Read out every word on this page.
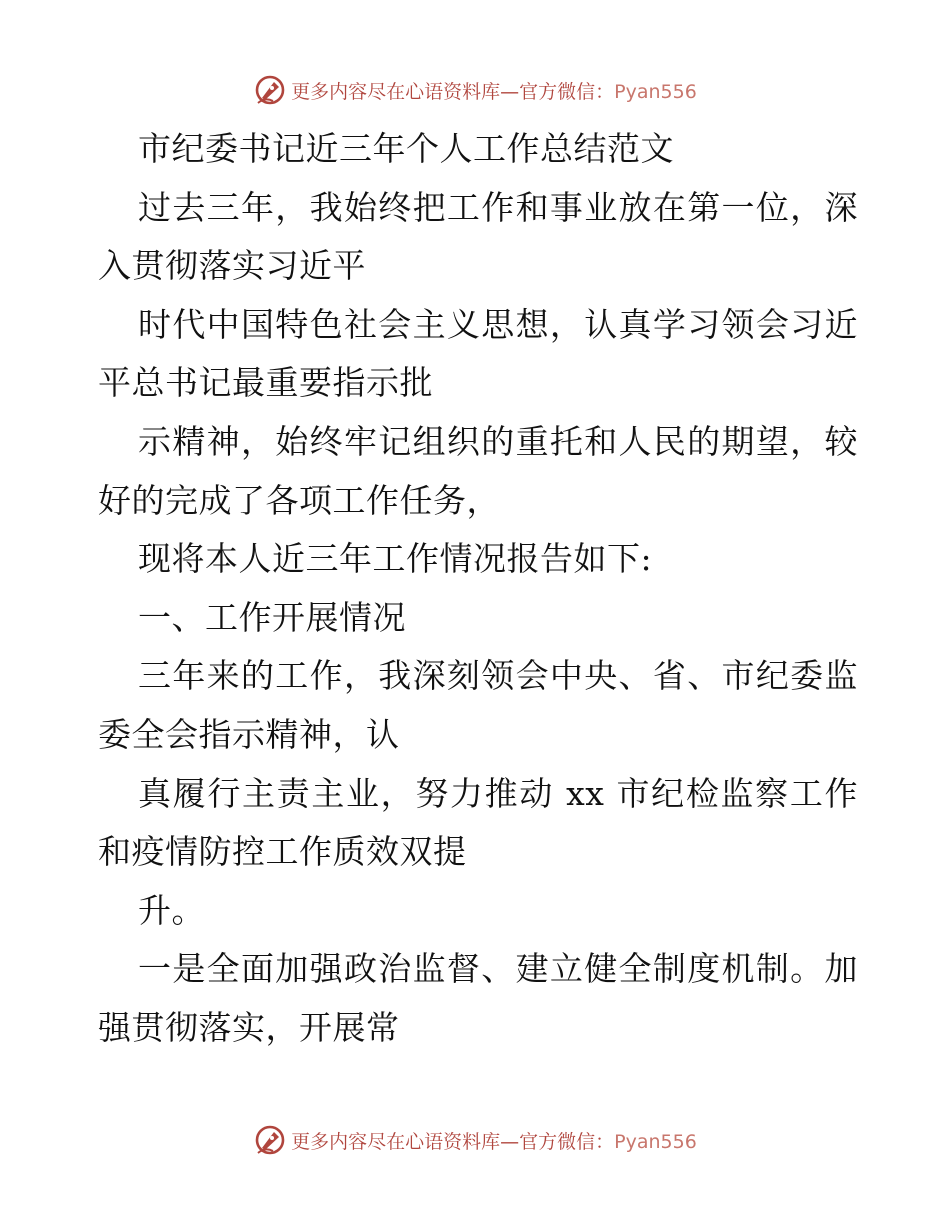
更多内容尽在心语资料库—官方微信：Pyan556

市纪委书记近三年个人工作总结范文

过去三年，我始终把工作和事业放在第一位，深入贯彻落实习近平

时代中国特色社会主义思想，认真学习领会习近平总书记最重要指示批

示精神，始终牢记组织的重托和人民的期望，较好的完成了各项工作任务，

现将本人近三年工作情况报告如下:

一、工作开展情况

三年来的工作，我深刻领会中央、省、市纪委监委全会指示精神，认

真履行主责主业，努力推动 xx 市纪检监察工作和疫情防控工作质效双提

升。

一是全面加强政治监督、建立健全制度机制。加强贯彻落实，开展常

更多内容尽在心语资料库—官方微信：Pyan556
